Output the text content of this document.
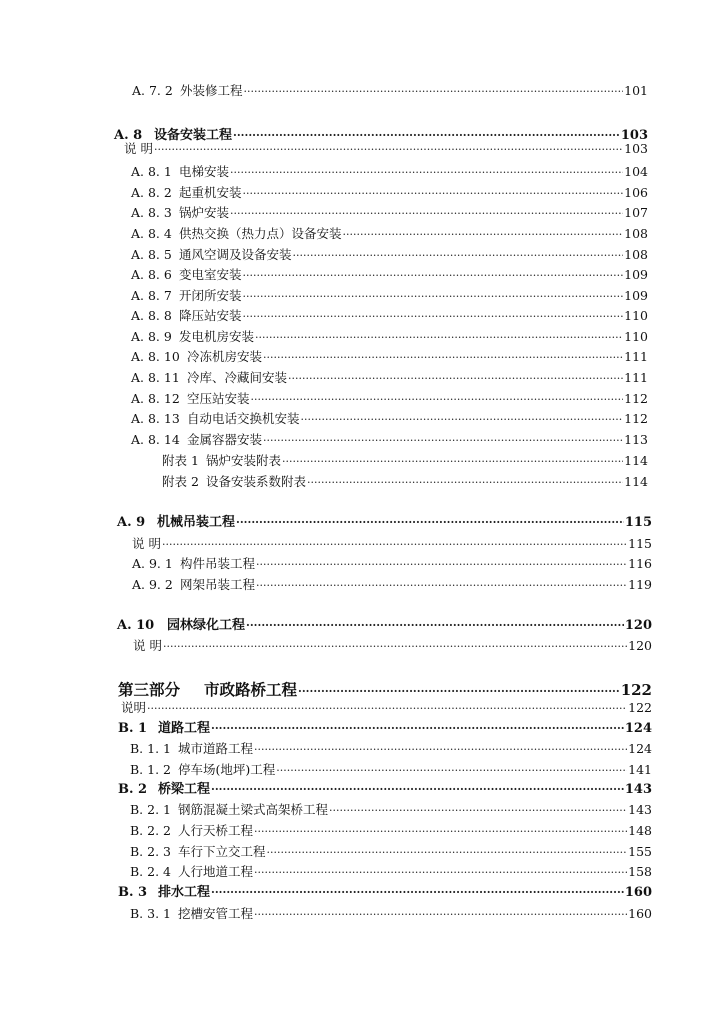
A. 7. 2 外装修工程 ·····	101
A. 8 设备安装工程 ·····	103
说 明 ·····	103
A. 8. 1 电梯安装 ·····	104
A. 8. 2 起重机安装 ·····	106
A. 8. 3 锅炉安装 ·····	107
A. 8. 4 供热交换（热力点）设备安装 ·····	108
A. 8. 5 通风空调及设备安装 ·····	108
A. 8. 6 变电室安装 ·····	109
A. 8. 7 开闭所安装 ·····	109
A. 8. 8 降压站安装 ·····	110
A. 8. 9 发电机房安装 ·····	110
A. 8. 10 冷冻机房安装 ·····	111
A. 8. 11 冷库、冷藏间安装 ·····	111
A. 8. 12 空压站安装 ·····	112
A. 8. 13 自动电话交换机安装 ·····	112
A. 8. 14 金属容器安装 ·····	113
附表 1 锅炉安装附表 ·····	114
附表 2 设备安装系数附表 ·····	114
A. 9 机械吊装工程 ·····	115
说 明 ·····	115
A. 9. 1 构件吊装工程 ·····	116
A. 9. 2 网架吊装工程 ·····	119
A. 10 园林绿化工程 ·····	120
说 明 ·····	120
第三部分	市政路桥工程 ·····	122
说明 ·····	122
B. 1 道路工程 ·····	124
B. 1. 1 城市道路工程 ·····	124
B. 1. 2 停车场(地坪)工程 ·····	141
B. 2 桥梁工程 ·····	143
B. 2. 1 钢筋混凝土梁式高架桥工程 ·····	143
B. 2. 2 人行天桥工程 ·····	148
B. 2. 3 车行下立交工程 ·····	155
B. 2. 4 人行地道工程 ·····	158
B. 3 排水工程 ·····	160
B. 3. 1 挖槽安管工程 ·····	160
